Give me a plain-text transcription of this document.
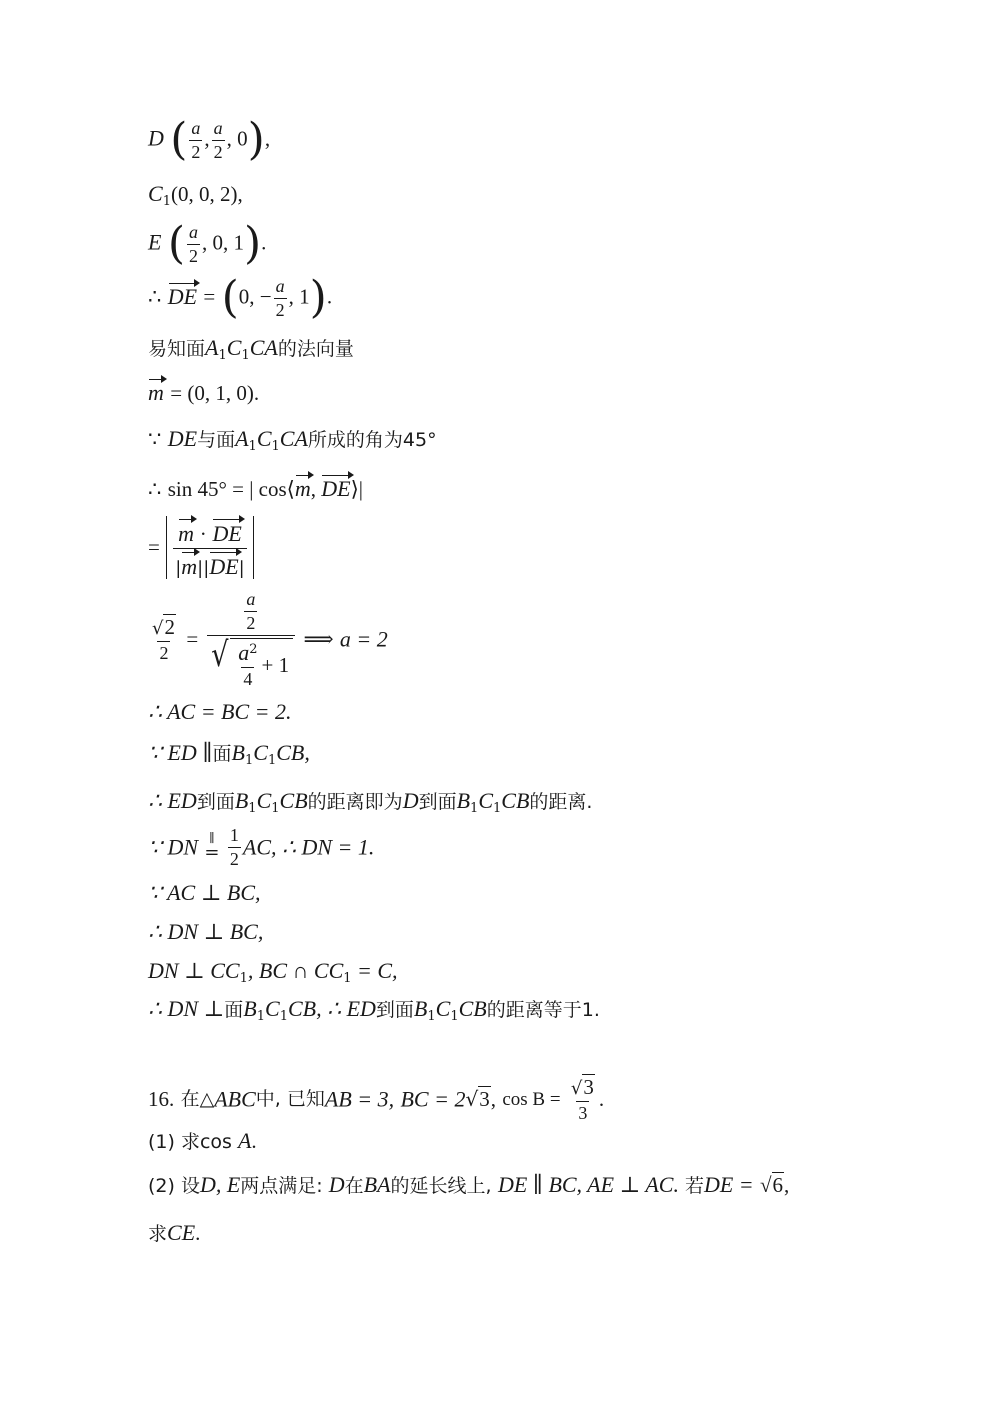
D ( $\frac{a}{2}$ , $\frac{a}{2}$ , 0),
$C_1(0$, 0, 2),
E ( $\frac{a}{2}$ , 0, 1).
∴ DE = (0, − $\frac{a}{2}$ , 1).
易知面$A_1C_1CA$的法向量
m = (0, 1, 0).
∵ DE与面$A_1C_1CA$所成的角为45°
∴ sin 45° = | cos⟨m, DE⟩|
= $\frac{m \cdot DE}{|m||DE|}$
$\frac{√2}{2} = \frac{\frac{a}{2}}{√ \frac{a^2}{4} + 1}$ ⟹ a = 2
∴ AC = BC = 2.
∵ ED ∥面$B_1C_1CB$,
∴ ED到面$B_1C_1CB$的距离即为D到面$B_1C_1CB$的距离.
∵ DN ∥
=
$\frac{1}{2}$ AC, ∴ DN = 1.
∵ AC ⊥ BC,
∴ DN ⊥ BC,
DN ⊥ $CC_1$, BC ∩ $CC_1 = C$,
∴ DN ⊥面$B_1C_1CB$, ∴ ED到面$B_1C_1CB$的距离等于1.
16. 在△ABC中, 已知AB = 3, BC = 2√3, $\cos B = \frac{√3}{3}$ .
(1) 求cos A.
(2) 设D, E两点满足: D在BA的延长线上, DE ∥ BC, AE ⊥ AC. 若DE = √6,
求CE.
